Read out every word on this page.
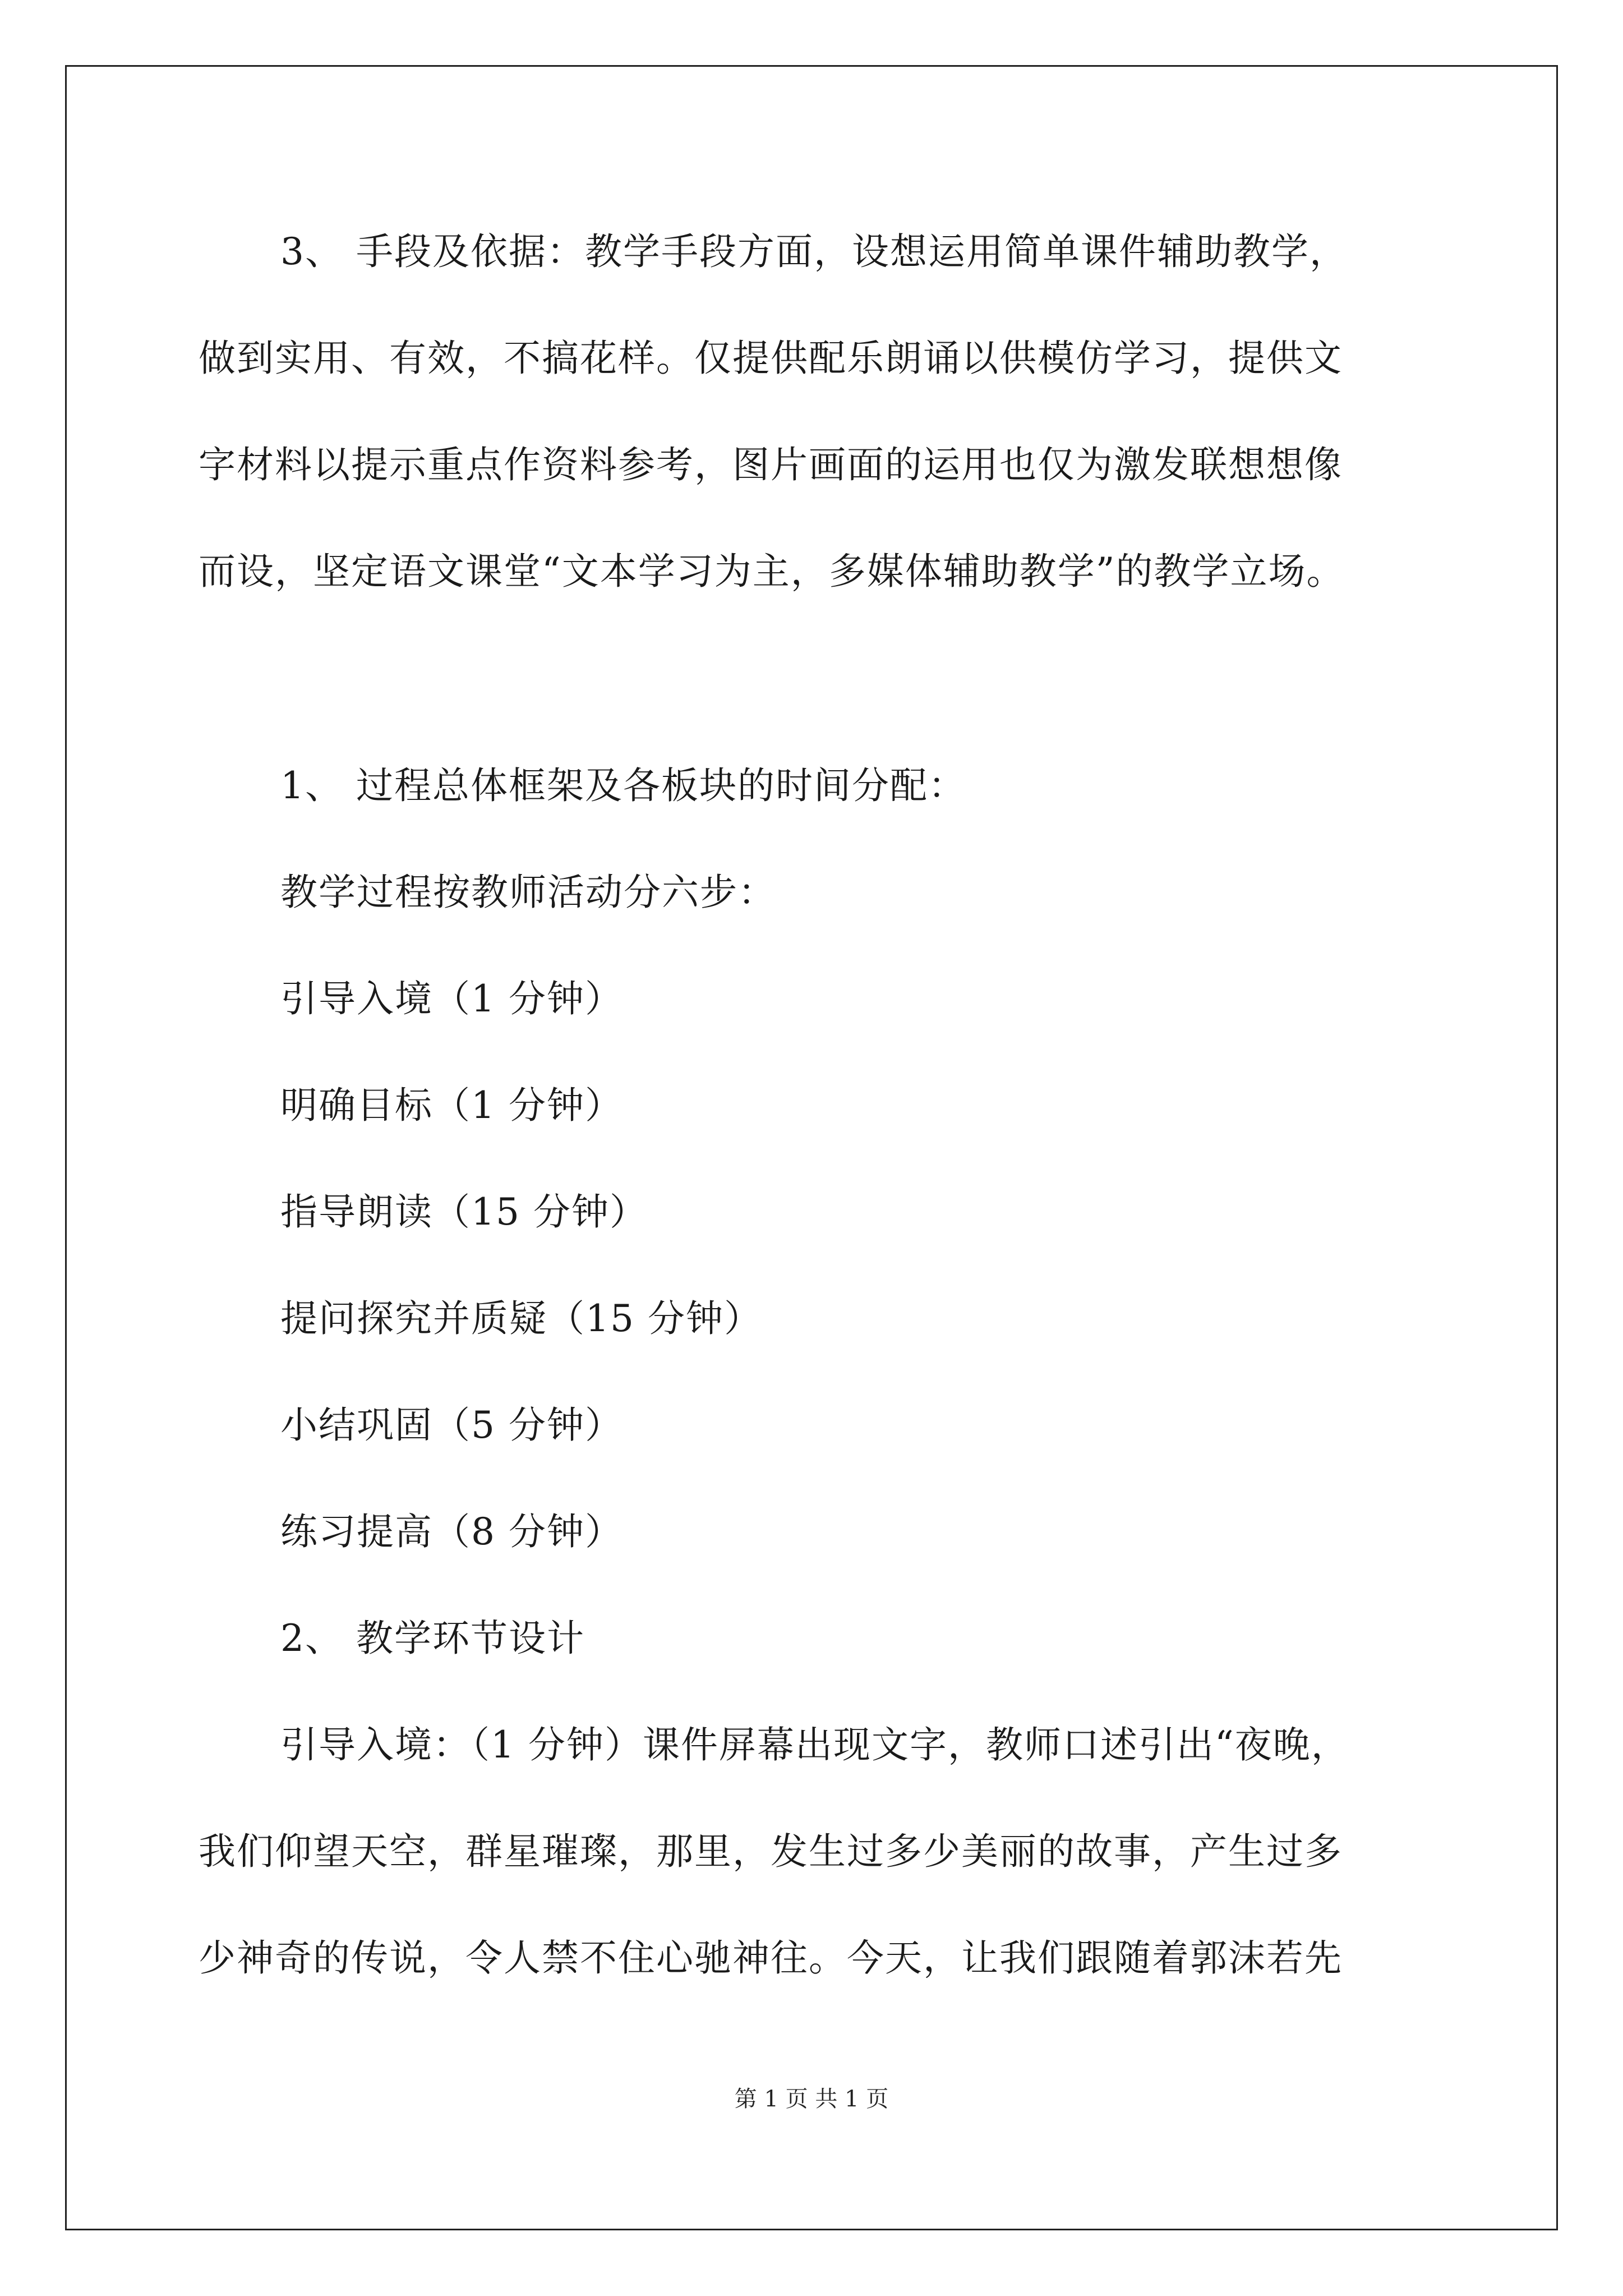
3、 手段及依据：教学手段方面，设想运用简单课件辅助教学，
做到实用、有效，不搞花样。仅提供配乐朗诵以供模仿学习，提供文
字材料以提示重点作资料参考，图片画面的运用也仅为激发联想想像
而设，坚定语文课堂“文本学习为主，多媒体辅助教学”的教学立场。
1、 过程总体框架及各板块的时间分配：
教学过程按教师活动分六步：
引导入境（1 分钟）
明确目标（1 分钟）
指导朗读（15 分钟）
提问探究并质疑（15 分钟）
小结巩固（5 分钟）
练习提高（8 分钟）
2、 教学环节设计
引导入境：（1 分钟）课件屏幕出现文字，教师口述引出“夜晚，
我们仰望天空，群星璀璨，那里，发生过多少美丽的故事，产生过多
少神奇的传说，令人禁不住心驰神往。今天，让我们跟随着郭沫若先
第 1 页 共 1 页
